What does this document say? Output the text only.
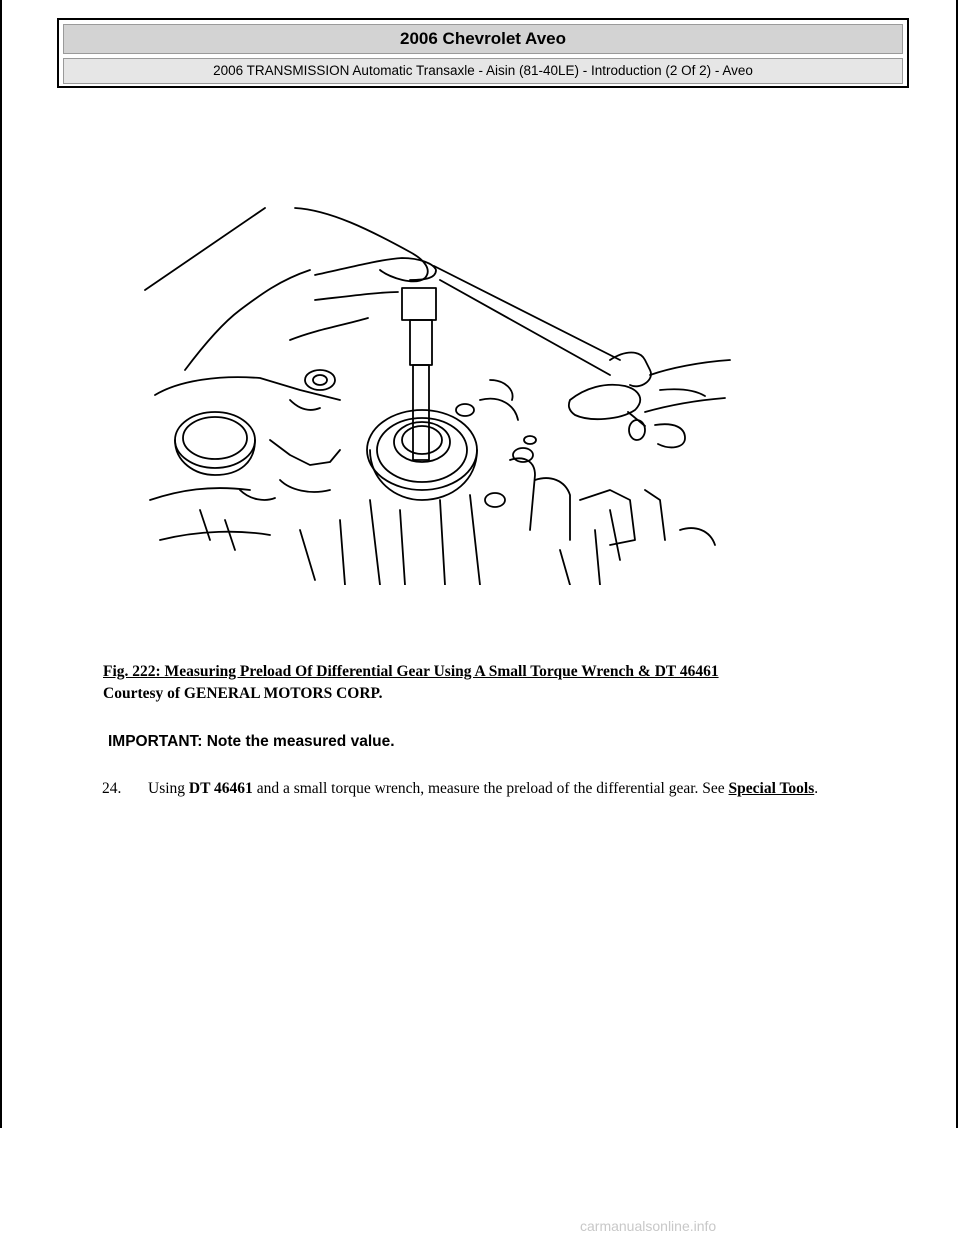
2006 Chevrolet Aveo
2006 TRANSMISSION Automatic Transaxle - Aisin (81-40LE) - Introduction (2 Of 2) - Aveo
Fig. 222: Measuring Preload Of Differential Gear Using A Small Torque Wrench & DT 46461
Courtesy of GENERAL MOTORS CORP.
IMPORTANT: Note the measured value.
24. Using DT 46461 and a small torque wrench, measure the preload of the differential gear. See Special Tools.
carmanualsonline.info
